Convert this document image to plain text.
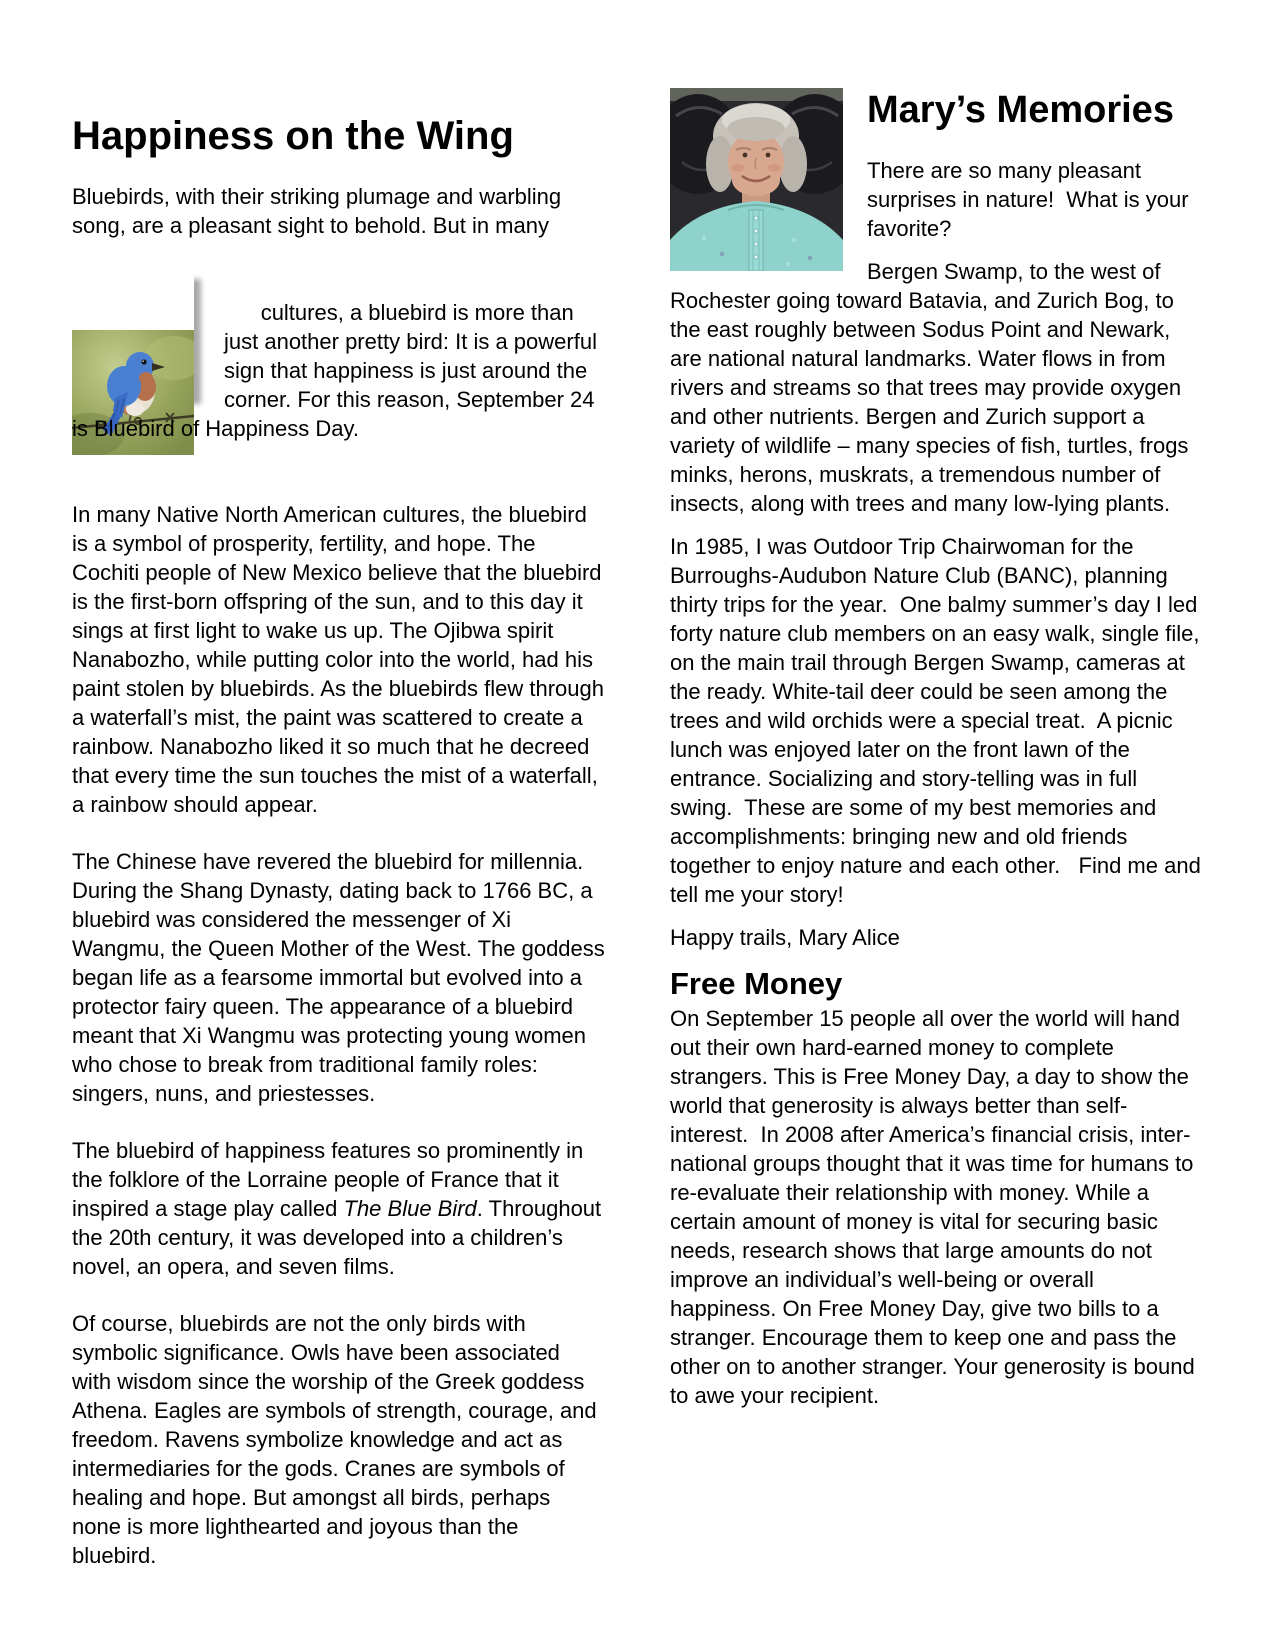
Happiness on the Wing

Bluebirds, with their striking plumage and warbling song, are a pleasant sight to behold. But in many

cultures, a bluebird is more than just another pretty bird: It is a powerful sign that happiness is just around the corner. For this reason, September 24 is Bluebird of Happiness Day.

In many Native North American cultures, the bluebird is a symbol of prosperity, fertility, and hope. The Cochiti people of New Mexico believe that the bluebird is the first-born offspring of the sun, and to this day it sings at first light to wake us up. The Ojibwa spirit Nanabozho, while putting color into the world, had his paint stolen by bluebirds. As the bluebirds flew through a waterfall’s mist, the paint was scattered to create a rainbow. Nanabozho liked it so much that he decreed that every time the sun touches the mist of a waterfall, a rainbow should appear.

The Chinese have revered the bluebird for millennia. During the Shang Dynasty, dating back to 1766 BC, a bluebird was considered the messenger of Xi Wangmu, the Queen Mother of the West. The goddess began life as a fearsome immortal but evolved into a protector fairy queen. The appearance of a bluebird meant that Xi Wangmu was protecting young women who chose to break from traditional family roles: singers, nuns, and priestesses.

The bluebird of happiness features so prominently in the folklore of the Lorraine people of France that it inspired a stage play called The Blue Bird. Throughout the 20th century, it was developed into a children’s novel, an opera, and seven films.

Of course, bluebirds are not the only birds with symbolic significance. Owls have been associated with wisdom since the worship of the Greek goddess Athena. Eagles are symbols of strength, courage, and freedom. Ravens symbolize knowledge and act as intermediaries for the gods. Cranes are symbols of healing and hope. But amongst all birds, perhaps none is more lighthearted and joyous than the bluebird.

Mary’s Memories

There are so many pleasant surprises in nature!  What is your favorite?

Bergen Swamp, to the west of Rochester going toward Batavia, and Zurich Bog, to the east roughly between Sodus Point and Newark, are national natural landmarks. Water flows in from rivers and streams so that trees may provide oxygen and other nutrients. Bergen and Zurich support a variety of wildlife – many species of fish, turtles, frogs minks, herons, muskrats, a tremendous number of insects, along with trees and many low-lying plants.

In 1985, I was Outdoor Trip Chairwoman for the Burroughs-Audubon Nature Club (BANC), planning thirty trips for the year.  One balmy summer’s day I led forty nature club members on an easy walk, single file, on the main trail through Bergen Swamp, cameras at the ready. White-tail deer could be seen among the trees and wild orchids were a special treat.  A picnic lunch was enjoyed later on the front lawn of the entrance. Socializing and story-telling was in full swing.  These are some of my best memories and accomplishments: bringing new and old friends together to enjoy nature and each other.   Find me and tell me your story!

Happy trails, Mary Alice

Free Money

On September 15 people all over the world will hand out their own hard-earned money to complete strangers. This is Free Money Day, a day to show the world that generosity is always better than self-interest.  In 2008 after America’s financial crisis, inter-national groups thought that it was time for humans to re-evaluate their relationship with money. While a certain amount of money is vital for securing basic needs, research shows that large amounts do not improve an individual’s well-being or overall happiness. On Free Money Day, give two bills to a stranger. Encourage them to keep one and pass the other on to another stranger. Your generosity is bound to awe your recipient.
